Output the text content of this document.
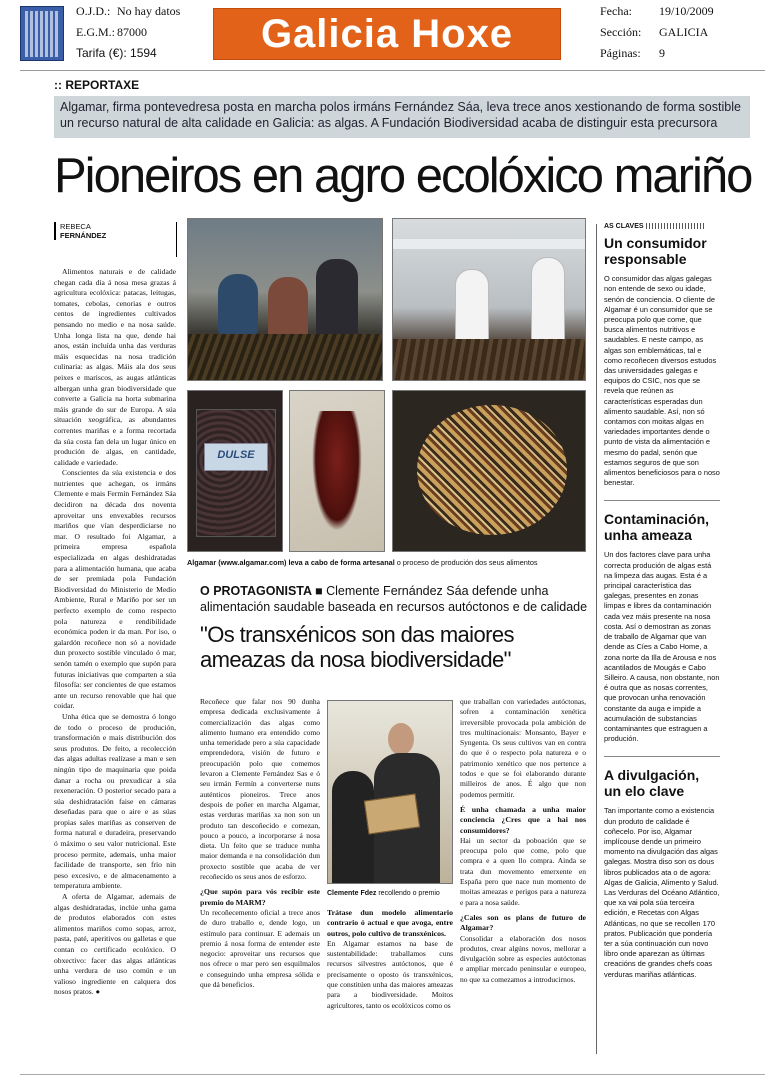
O.J.D.: No hay datos
E.G.M.: 87000
Tarifa (€): 1594	Galicia Hoxe
Fecha: 19/10/2009
Sección: GALICIA
Páginas: 9
:: REPORTAXE
Algamar, firma pontevedresa posta en marcha polos irmáns Fernández Sáa, leva trece anos xestionando de forma sostible
un recurso natural de alta calidade en Galicia: as algas. A Fundación Biodiversidad acaba de distinguir esta precursora
Pioneiros en agro ecolóxico mariño
REBECA
FERNÁNDEZ

Alimentos naturais e de calidade chegan cada día á nosa mesa grazas á agricultura ecolóxica: patacas, leitugas, tomates, cebolas, cenorias e outros centos de ingredientes cultivados pensando no medio e na nosa saúde. Unha longa lista na que, dende hai anos, están incluída unha das verduras máis esquecidas na nosa tradición culinaria: as algas. Máis ala dos seus peixes e mariscos, as augas atlánticas albergan unha gran biodiversidade que converte a Galicia na horta submarina máis grande do sur de Europa. A súa situación xeográfica, as abundantes correntes mariñas e a forma recortada da súa costa fan dela un lugar único en produción de algas, en cantidade, calidade e variedade.

Conscientes da súa existencia e dos nutrientes que achegan, os irmáns Clemente e mais Fermín Fernández Sáa decidiron na década dos noventa aproveitar uns envexables recursos mariños que vían desperdiciarse no mar. O resultado foi Algamar, a primeira empresa española especializada en algas deshidratadas para a alimentación humana, que acaba de ser premiada pola Fundación Biodiversidad do Ministerio de Medio Ambiente, Rural e Mariño por ser un perfecto exemplo de como respecto pola natureza e rendibilidade económica poden ir da man. Por iso, o galardón recoñece non só a novidade dun proxecto sostible vinculado ó mar, senón tamén o exemplo que supón para futuras iniciativas que comparten a súa filosofía: ser concientes de que estamos ante un recurso renovable que hai que coidar.

Unha ética que se demostra ó longo de todo o proceso de produción, transformación e mais distribución dos seus produtos. De feito, a recolección das algas adultas realízase a man e sen ningún tipo de maquinaria que poida danar a rocha ou prexudicar a súa rexeneración. O posterior secado para a súa deshidratación faise en cámaras deseñadas para que o aire e as súas propias sales mariñas as conserven de forma natural e duradeira, preservando ó máximo o seu valor nutricional. Este proceso permite, ademais, unha maior facilidade de transporte, sen frío nin peso excesivo, e de almacenamento a temperatura ambiente.

A oferta de Algamar, ademais de algas deshidratadas, inclúe unha gama de produtos elaborados con estes alimentos mariños como sopas, arroz, pasta, paté, aperitivos ou galletas e que contan co certificado ecolóxico. O obxectivo: facer das algas atlánticas unha verdura de uso común e un valioso ingrediente en calquera dos nosos pratos. ●

DULSE
Algamar (www.algamar.com) leva a cabo de forma artesanal o proceso de produción dos seus alimentos
O PROTAGONISTA ■ Clemente Fernández Sáa defende unha
alimentación saudable baseada en recursos autóctonos e de calidade
"Os transxénicos son das maiores
ameazas da nosa biodiversidade"

Recoñece que falar nos 90 dunha empresa dedicada exclusivamente á comercialización das algas como alimento humano era entendido como unha temeridade pero a súa capacidade emprendedora, visión de futuro e preocupación polo que comemos levaron a Clemente Fernández Sas e ó seu irmán Fermín a converterse nuns auténticos pioneiros. Trece anos despois de poñer en marcha Algamar, estas verduras mariñas xa non son un produto tan descoñecido e comezan, pouco a pouco, a incorporarse á nosa dieta. Un feito que se traduce nunha maior demanda e na consolidación dun proxecto sostible que acaba de ver recoñecido os seus anos de esforzo.

¿Que supón para vós recibir este premio do MARM?

Un recoñecemento oficial a trece anos de duro traballo e, dende logo, un estímulo para continuar. E ademais un premio á nosa forma de entender este negocio: aproveitar uns recursos que nos ofrece o mar pero sen esquilmalos e conseguindo unha empresa sólida e que dá beneficios.

Clemente Fdez recollendo o premio

Trátase dun modelo alimentario contrario ó actual e que avoga, entre outros, polo cultivo de transxénicos.

En Algamar estamos na base de sustentabilidade: traballamos cuns recursos silvestres autóctonos, que é precisamente o oposto ós transxénicos, que constitúen unha das maiores ameazas para a biodiversidade. Moitos agricultores, tanto os ecolóxicos como os

que traballan con variedades autóctonas, sofren a contaminación xenética irreversible provocada pola ambición de tres multinacionais: Monsanto, Bayer e Syngenta. Os seus cultivos van en contra do que é o respecto pola natureza e o patrimonio xenético que nos pertence a todos e que se foi elaborando durante milleiros de anos. É algo que non podemos permitir.

É unha chamada a unha maior conciencia ¿Cres que a hai nos consumidores?

Hai un sector da poboación que se preocupa polo que come, polo que compra e a quen llo compra. Ainda se trata dun movemento emerxente en España pero que nace nun momento de moitas ameazas e perigos para a natureza e para a nosa saúde.

¿Cales son os plans de futuro de Algamar?

Consolidar a elaboración dos nosos produtos, crear algúns novos, mellorar a divulgación sobre as especies autóctonas e ampliar mercado peninsular e europeo, no que xa comezamos a introducirnos.

AS CLAVES
Un consumidor responsable

O consumidor das algas galegas non entende de sexo ou idade, senón de conciencia. O cliente de Algamar é un consumidor que se preocupa polo que come, que busca alimentos nutritivos e saudables. E neste campo, as algas son emblemáticas, tal e como recoñecen diversos estudos das universidades galegas e equipos do CSIC, nos que se revela que reúnen as características esperadas dun alimento saudable. Así, non só contamos con moitas algas en variedades importantes dende o punto de vista da alimentación e mesmo do padal, senón que estamos seguros de que son alimentos beneficiosos para o noso benestar.

Contaminación, unha ameaza

Un dos factores clave para unha correcta produción de algas está na limpeza das augas. Esta é a principal característica das galegas, presentes en zonas limpas e libres da contaminación cada vez máis presente na nosa costa. Así o demostran as zonas de traballo de Algamar que van dende as Cíes a Cabo Home, a zona norte da Illa de Arousa e nos acantilados de Mougás e Cabo Silleiro. A causa, non obstante, non é outra que as nosas correntes, que provocan unha renovación constante da auga e impide a acumulación de substancias contaminantes que estraguen a produción.

A divulgación, un elo clave

Tan importante como a existencia dun produto de calidade é coñecelo. Por iso, Algamar implícouse dende un primeiro momento na divulgación das algas galegas. Mostra diso son os dous libros publicados ata o de agora: Algas de Galicia, Alimento y Salud. Las Verduras del Océano Atlántico, que xa vai pola súa terceira edición, e Recetas con Algas Atlánticas, no que se recollen 170 pratos. Publicación que pondería ter a súa continuación cun novo libro onde aparezan as últimas creacións de grandes chefs coas verduras mariñas atlánticas.
